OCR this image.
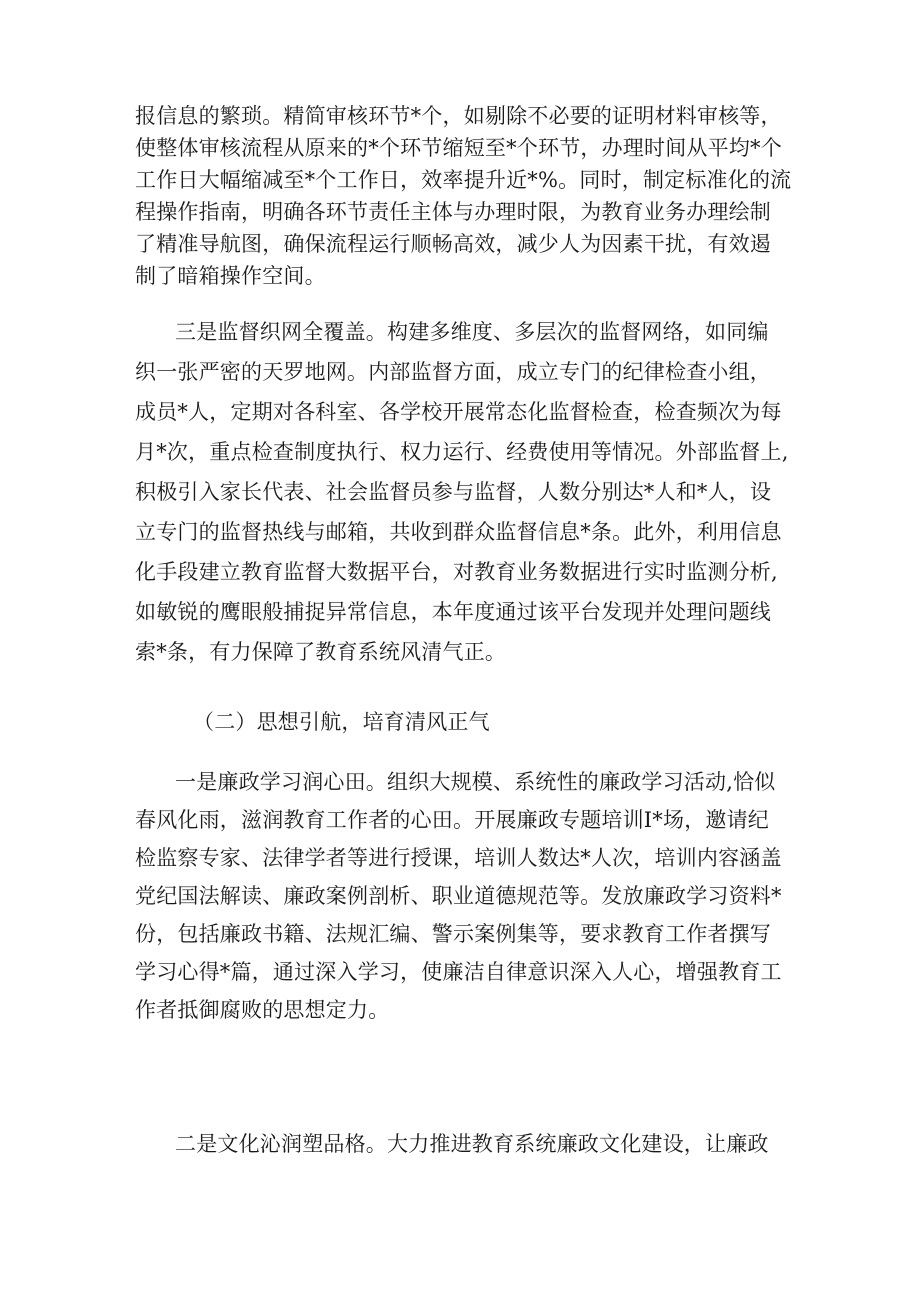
报信息的繁琐。精简审核环节*个，如剔除不必要的证明材料审核等，
使整体审核流程从原来的*个环节缩短至*个环节，办理时间从平均*个
工作日大幅缩减至*个工作日，效率提升近*%。同时，制定标准化的流
程操作指南，明确各环节责任主体与办理时限，为教育业务办理绘制
了精准导航图，确保流程运行顺畅高效，减少人为因素干扰，有效遏
制了暗箱操作空间。
三是监督织网全覆盖。构建多维度、多层次的监督网络，如同编
织一张严密的天罗地网。内部监督方面，成立专门的纪律检查小组，
成员*人，定期对各科室、各学校开展常态化监督检查，检查频次为每
月*次，重点检查制度执行、权力运行、经费使用等情况。外部监督上,
积极引入家长代表、社会监督员参与监督，人数分别达*人和*人，设
立专门的监督热线与邮箱，共收到群众监督信息*条。此外，利用信息
化手段建立教育监督大数据平台，对教育业务数据进行实时监测分析,
如敏锐的鹰眼般捕捉异常信息，本年度通过该平台发现并处理问题线
索*条，有力保障了教育系统风清气正。
（二）思想引航，培育清风正气
一是廉政学习润心田。组织大规模、系统性的廉政学习活动,恰似
春风化雨，滋润教育工作者的心田。开展廉政专题培训I*场，邀请纪
检监察专家、法律学者等进行授课，培训人数达*人次，培训内容涵盖
党纪国法解读、廉政案例剖析、职业道德规范等。发放廉政学习资料*
份，包括廉政书籍、法规汇编、警示案例集等，要求教育工作者撰写
学习心得*篇，通过深入学习，使廉洁自律意识深入人心，增强教育工
作者抵御腐败的思想定力。
二是文化沁润塑品格。大力推进教育系统廉政文化建设，让廉政
